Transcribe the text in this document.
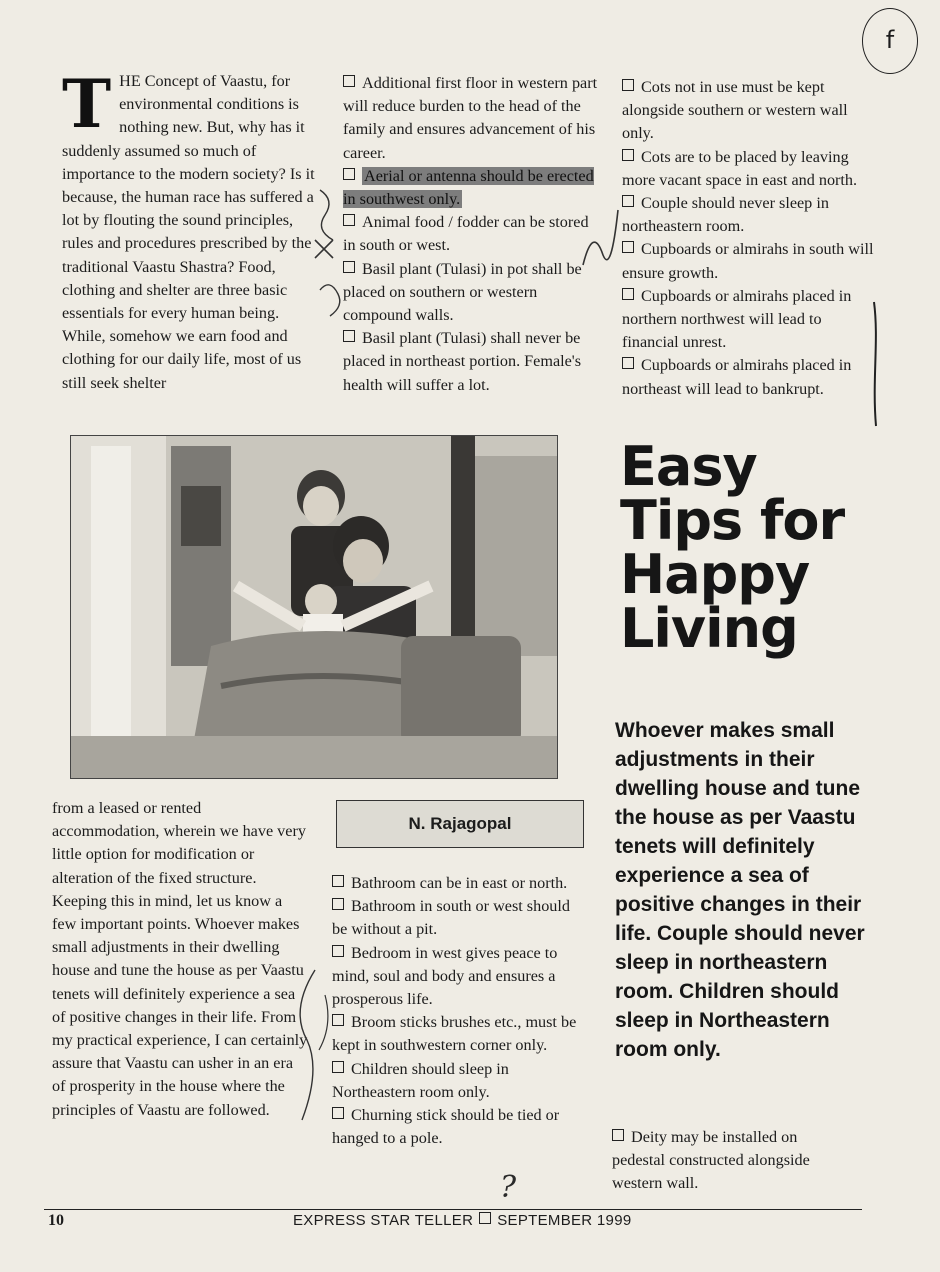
f
T HE Concept of Vaastu, for environmental conditions is nothing new. But, why has it suddenly assumed so much of importance to the modern society? Is it because, the human race has suffered a lot by flouting the sound principles, rules and procedures prescribed by the traditional Vaastu Shastra? Food, clothing and shelter are three basic essentials for every human being. While, somehow we earn food and clothing for our daily life, most of us still seek shelter

Additional first floor in western part will reduce burden to the head of the family and ensures advancement of his career.

Aerial or antenna should be erected in southwest only.

Animal food / fodder can be stored in south or west.

Basil plant (Tulasi) in pot shall be placed on southern or western compound walls.

Basil plant (Tulasi) shall never be placed in northeast portion. Female's health will suffer a lot.

Cots not in use must be kept alongside southern or western wall only.

Cots are to be placed by leaving more vacant space in east and north.

Couple should never sleep in northeastern room.

Cupboards or almirahs in south will ensure growth.

Cupboards or almirahs placed in northern northwest will lead to financial unrest.

Cupboards or almirahs placed in northeast will lead to bankrupt.

Easy
Tips for
Happy
Living
Whoever makes small adjustments in their dwelling house and tune the house as per Vaastu tenets will definitely experience a sea of positive changes in their life. Couple should never sleep in northeastern room. Children should sleep in Northeastern room only.
N. Rajagopal

from a leased or rented accommodation, wherein we have very little option for modification or alteration of the fixed structure. Keeping this in mind, let us know a few important points. Whoever makes small adjustments in their dwelling house and tune the house as per Vaastu tenets will definitely experience a sea of positive changes in their life. From my practical experience, I can certainly assure that Vaastu can usher in an era of prosperity in the house where the principles of Vaastu are followed.

Bathroom can be in east or north.

Bathroom in south or west should be without a pit.

Bedroom in west gives peace to mind, soul and body and ensures a prosperous life.

Broom sticks brushes etc., must be kept in southwestern corner only.

Children should sleep in Northeastern room only.

Churning stick should be tied or hanged to a pole.	Deity may be installed on pedestal constructed alongside western wall.

?
10	EXPRESS STAR TELLER SEPTEMBER 1999
